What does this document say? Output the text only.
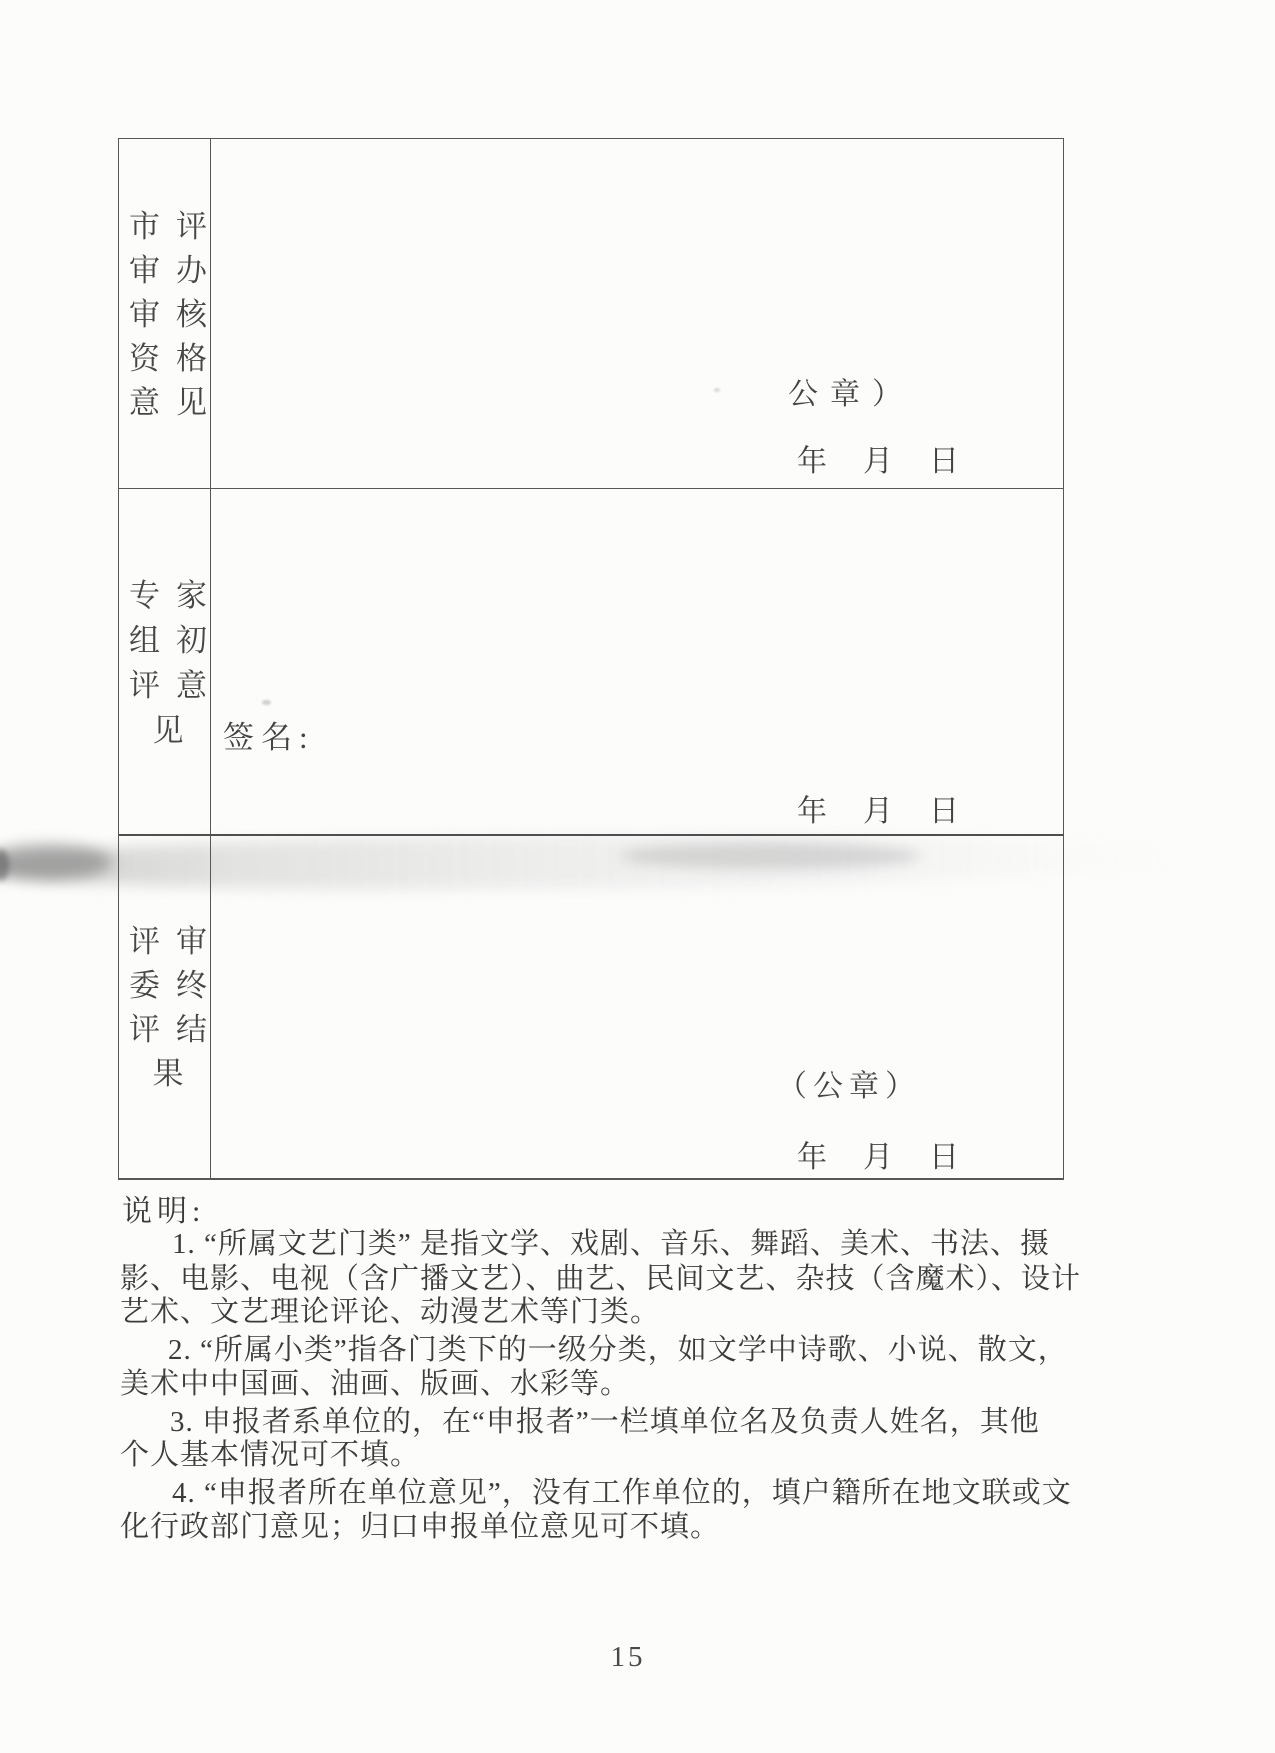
市评
审办
审核
资格
意见	公章）
年　月　日
专家
组初
评意
见	签名:
年　月　日
评审
委终
评结
果	（公章）
年　月　日
说明:
1. “所属文艺门类” 是指文学、戏剧、音乐、舞蹈、美术、书法、摄
影、电影、电视（含广播文艺）、曲艺、民间文艺、杂技（含魔术）、设计
艺术、文艺理论评论、动漫艺术等门类。
2. “所属小类”指各门类下的一级分类，如文学中诗歌、小说、散文，
美术中中国画、油画、版画、水彩等。
3. 申报者系单位的，在“申报者”一栏填单位名及负责人姓名，其他
个人基本情况可不填。
4. “申报者所在单位意见”，没有工作单位的，填户籍所在地文联或文
化行政部门意见；归口申报单位意见可不填。
15
